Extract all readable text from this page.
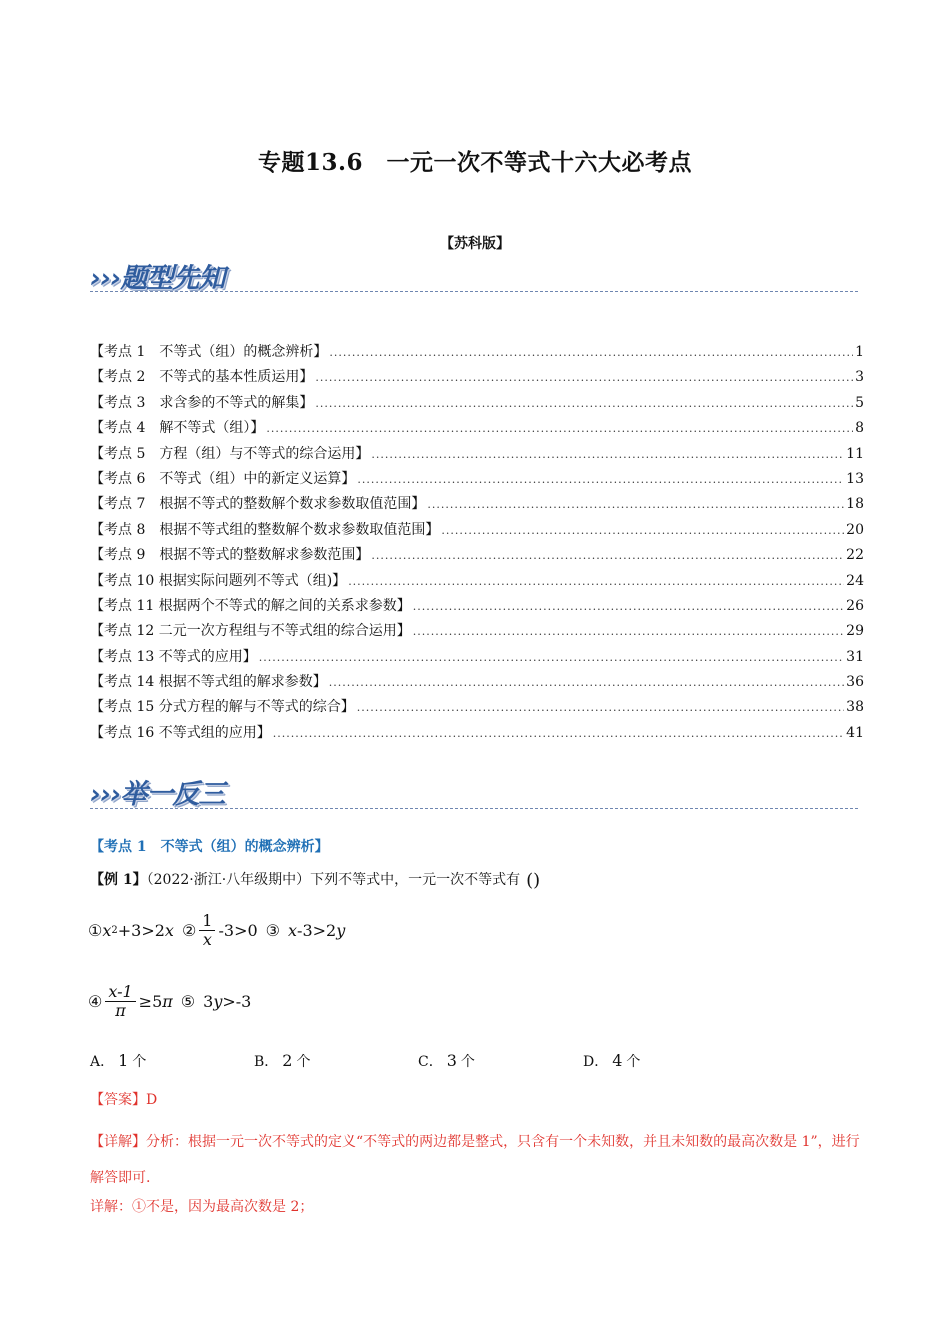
专题13.6　一元一次不等式十六大必考点
【苏科版】
›››题型先知
【考点 1　不等式（组）的概念辨析】 .....	1
【考点 2　不等式的基本性质运用】 .....	3
【考点 3　求含参的不等式的解集】 .....	5
【考点 4　解不等式（组）】 .....	8
【考点 5　方程（组）与不等式的综合运用】 .....	11
【考点 6　不等式（组）中的新定义运算】 .....	13
【考点 7　根据不等式的整数解个数求参数取值范围】 .....	18
【考点 8　根据不等式组的整数解个数求参数取值范围】 .....	20
【考点 9　根据不等式的整数解求参数范围】 .....	22
【考点 10 根据实际问题列不等式（组)】 .....	24
【考点 11 根据两个不等式的解之间的关系求参数】 .....	26
【考点 12 二元一次方程组与不等式组的综合运用】 .....	29
【考点 13 不等式的应用】 .....	31
【考点 14 根据不等式组的解求参数】 .....	36
【考点 15 分式方程的解与不等式的综合】 .....	38
【考点 16 不等式组的应用】 .....	41
›››举一反三
【考点 1　不等式（组）的概念辨析】
【例 1】（2022·浙江·八年级期中）下列不等式中，一元一次不等式有 ()
① x 2 +3>2 x ② $\frac{1}{x} -3>0$ ③ x -3>2 y
④ $\frac{x-1}{\pi} \ge 5$ π ⑤ 3 y >-3
A． 1 个	B． 2 个	C． 3 个	D． 4 个
【答案】D
【详解】分析：根据一元一次不等式的定义“不等式的两边都是整式，只含有一个未知数，并且未知数的最高次数是 1”，进行解答即可.
详解：①不是，因为最高次数是 2；
